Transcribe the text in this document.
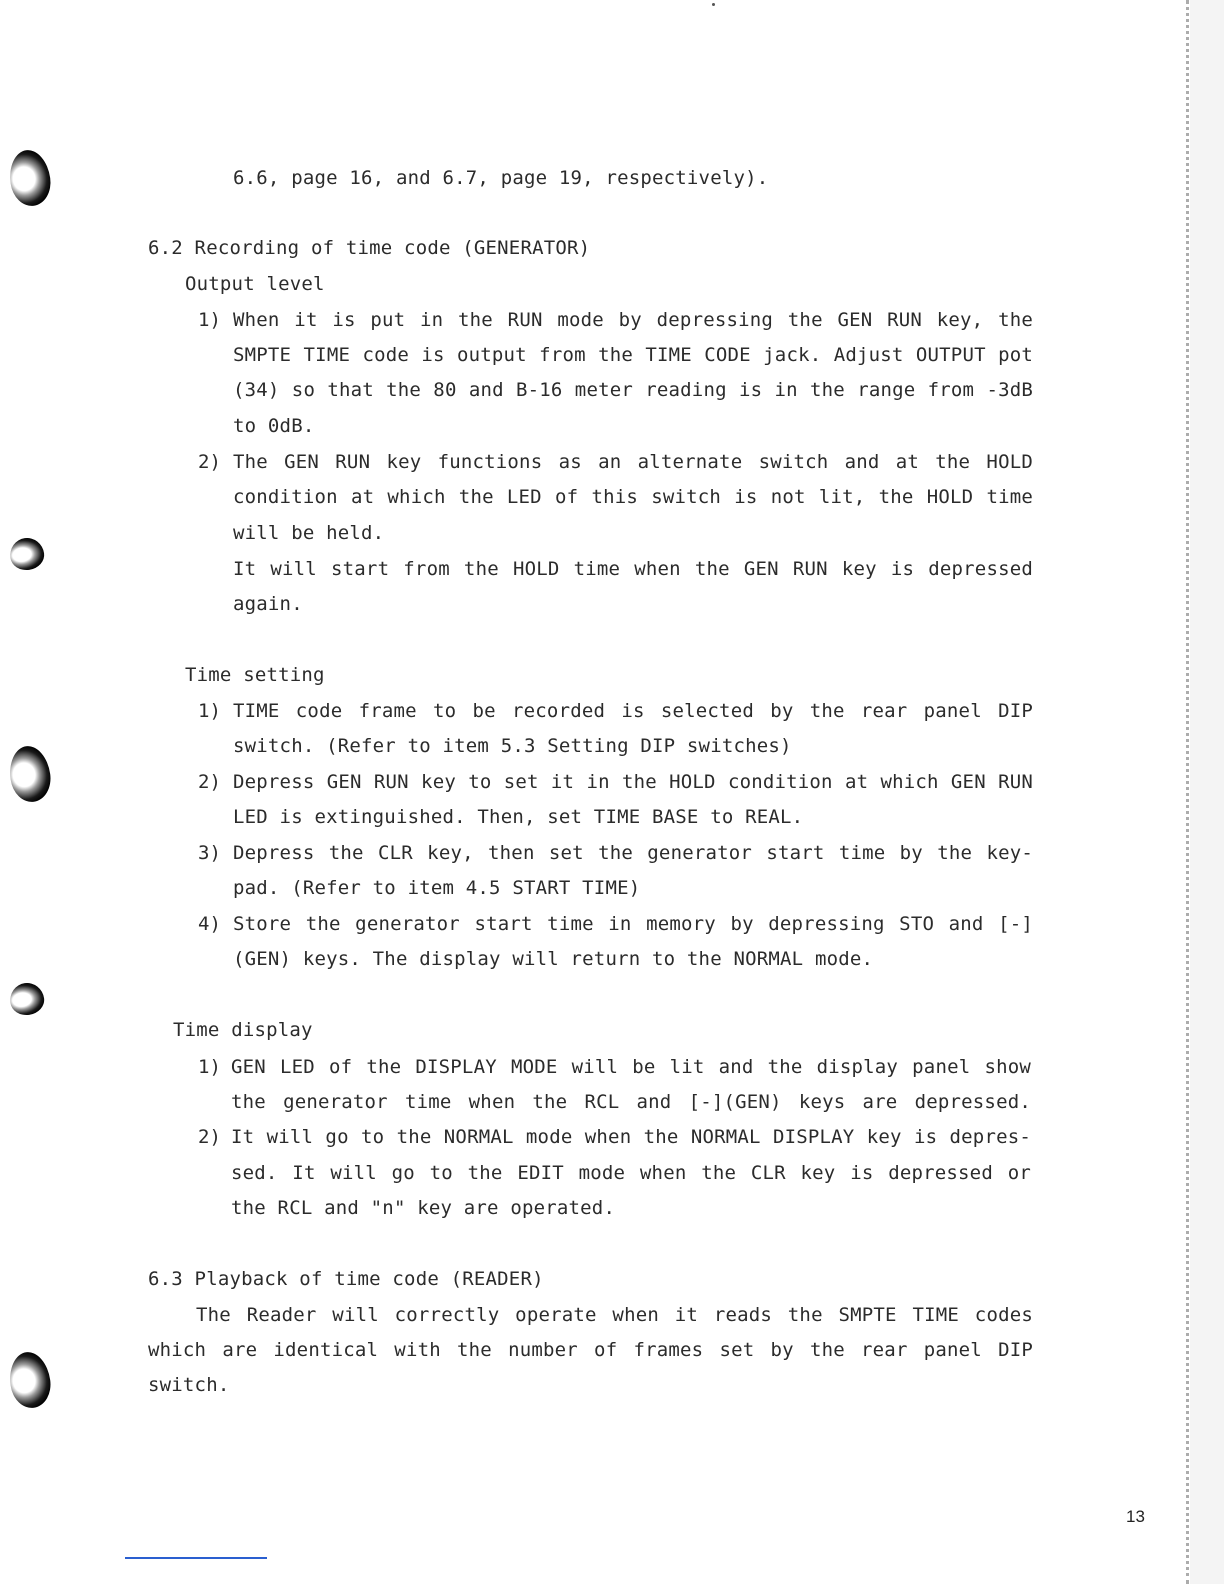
6.6, page 16, and 6.7, page 19, respectively).
6.2 Recording of time code (GENERATOR)
Output level
1) When it is put in the RUN mode by depressing the GEN RUN key, the
SMPTE TIME code is output from the TIME CODE jack. Adjust OUTPUT pot
(34) so that the 80 and B-16 meter reading is in the range from -3dB
to 0dB.
2) The GEN RUN key functions as an alternate switch and at the HOLD
condition at which the LED of this switch is not lit, the HOLD time
will be held.
It will start from the HOLD time when the GEN RUN key is depressed
again.
Time setting
1) TIME code frame to be recorded is selected by the rear panel DIP
switch. (Refer to item 5.3 Setting DIP switches)
2) Depress GEN RUN key to set it in the HOLD condition at which GEN RUN
LED is extinguished. Then, set TIME BASE to REAL.
3) Depress the CLR key, then set the generator start time by the key-
pad. (Refer to item 4.5 START TIME)
4) Store the generator start time in memory by depressing STO and [-]
(GEN) keys. The display will return to the NORMAL mode.
Time display
1) GEN LED of the DISPLAY MODE will be lit and the display panel show
the generator time when the RCL and [-](GEN) keys are depressed.
2) It will go to the NORMAL mode when the NORMAL DISPLAY key is depres-
sed. It will go to the EDIT mode when the CLR key is depressed or
the RCL and "n" key are operated.
6.3 Playback of time code (READER)
The Reader will correctly operate when it reads the SMPTE TIME codes
which are identical with the number of frames set by the rear panel DIP
switch.
13
